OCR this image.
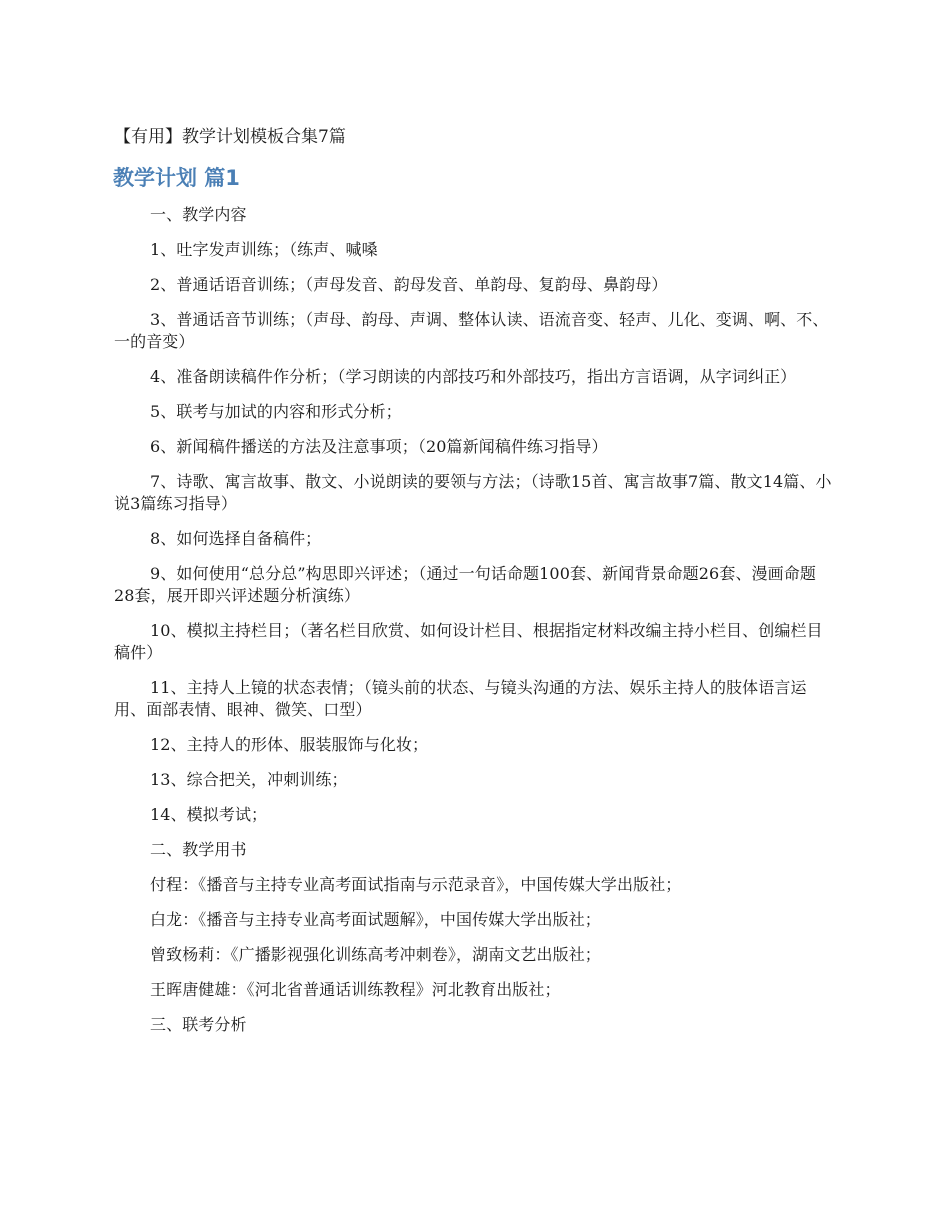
【有用】教学计划模板合集7篇
教学计划 篇1

一、教学内容

1、吐字发声训练；（练声、喊嗓

2、普通话语音训练；（声母发音、韵母发音、单韵母、复韵母、鼻韵母）

3、普通话音节训练；（声母、韵母、声调、整体认读、语流音变、轻声、儿化、变调、啊、不、一的音变）

4、准备朗读稿件作分析；（学习朗读的内部技巧和外部技巧，指出方言语调，从字词纠正）

5、联考与加试的内容和形式分析；

6、新闻稿件播送的方法及注意事项；（20篇新闻稿件练习指导）

7、诗歌、寓言故事、散文、小说朗读的要领与方法；（诗歌15首、寓言故事7篇、散文14篇、小说3篇练习指导）

8、如何选择自备稿件；

9、如何使用“总分总”构思即兴评述；（通过一句话命题100套、新闻背景命题26套、漫画命题28套，展开即兴评述题分析演练）

10、模拟主持栏目；（著名栏目欣赏、如何设计栏目、根据指定材料改编主持小栏目、创编栏目稿件）

11、主持人上镜的状态表情；（镜头前的状态、与镜头沟通的方法、娱乐主持人的肢体语言运用、面部表情、眼神、微笑、口型）

12、主持人的形体、服装服饰与化妆；

13、综合把关，冲刺训练；

14、模拟考试；

二、教学用书

付程：《播音与主持专业高考面试指南与示范录音》，中国传媒大学出版社；

白龙：《播音与主持专业高考面试题解》，中国传媒大学出版社；

曾致杨莉：《广播影视强化训练高考冲刺卷》，湖南文艺出版社；

王晖唐健雄：《河北省普通话训练教程》河北教育出版社；

三、联考分析
